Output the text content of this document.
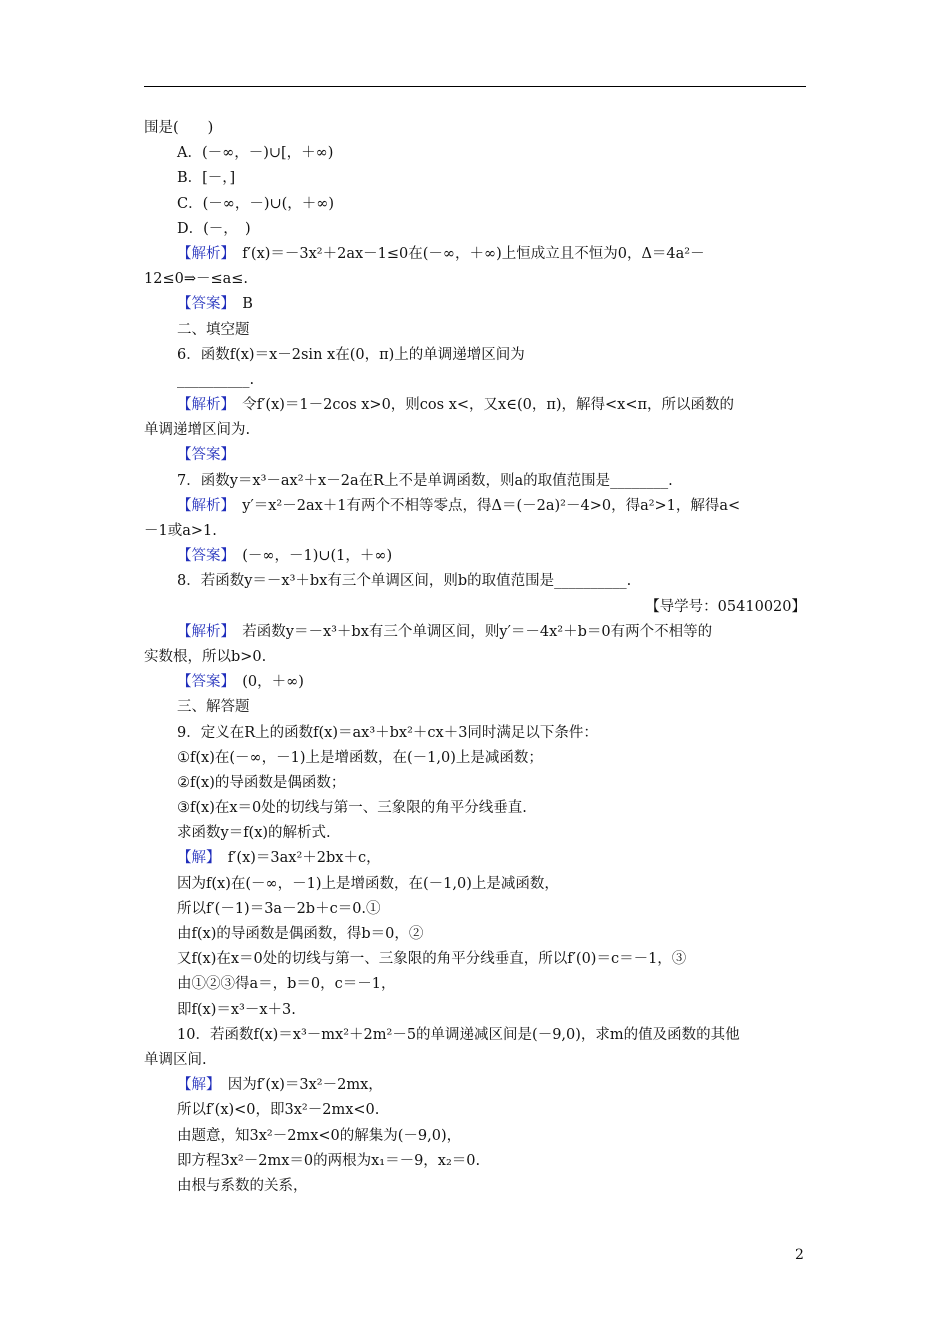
围是(　　)
A．(－∞，－)∪[，＋∞)
B．[－，]
C．(－∞，－)∪(，＋∞)
D．(－，　)
【解析】　f′(x)＝－3x²＋2ax－1≤0在(－∞，＋∞)上恒成立且不恒为0，Δ＝4a²－
12≤0⇒－≤a≤.
【答案】　B
二、填空题
6．函数f(x)＝x－2sin x在(0，π)上的单调递增区间为
__________.
【解析】　令f′(x)＝1－2cos x>0，则cos x<，又x∈(0，π)，解得<x<π，所以函数的
单调递增区间为.
【答案】
7．函数y＝x³－ax²＋x－2a在R上不是单调函数，则a的取值范围是________.
【解析】　y′＝x²－2ax＋1有两个不相等零点，得Δ＝(－2a)²－4>0，得a²>1，解得a<
－1或a>1.
【答案】　(－∞，－1)∪(1，＋∞)
8．若函数y＝－x³＋bx有三个单调区间，则b的取值范围是__________.
【导学号：05410020】
【解析】　若函数y＝－x³＋bx有三个单调区间，则y′＝－4x²＋b＝0有两个不相等的
实数根，所以b>0.
【答案】　(0，＋∞)
三、解答题
9．定义在R上的函数f(x)＝ax³＋bx²＋cx＋3同时满足以下条件：
①f(x)在(－∞，－1)上是增函数，在(－1,0)上是减函数；
②f(x)的导函数是偶函数；
③f(x)在x＝0处的切线与第一、三象限的角平分线垂直.
求函数y＝f(x)的解析式.
【解】　f′(x)＝3ax²＋2bx＋c，
因为f(x)在(－∞，－1)上是增函数，在(－1,0)上是减函数，
所以f′(－1)＝3a－2b＋c＝0.①
由f(x)的导函数是偶函数，得b＝0，②
又f(x)在x＝0处的切线与第一、三象限的角平分线垂直，所以f′(0)＝c＝－1，③
由①②③得a＝，b＝0，c＝－1，
即f(x)＝x³－x＋3.
10．若函数f(x)＝x³－mx²＋2m²－5的单调递减区间是(－9,0)，求m的值及函数的其他
单调区间.
【解】　因为f′(x)＝3x²－2mx，
所以f′(x)<0，即3x²－2mx<0.
由题意，知3x²－2mx<0的解集为(－9,0)，
即方程3x²－2mx＝0的两根为x₁＝－9，x₂＝0.
由根与系数的关系，
2
